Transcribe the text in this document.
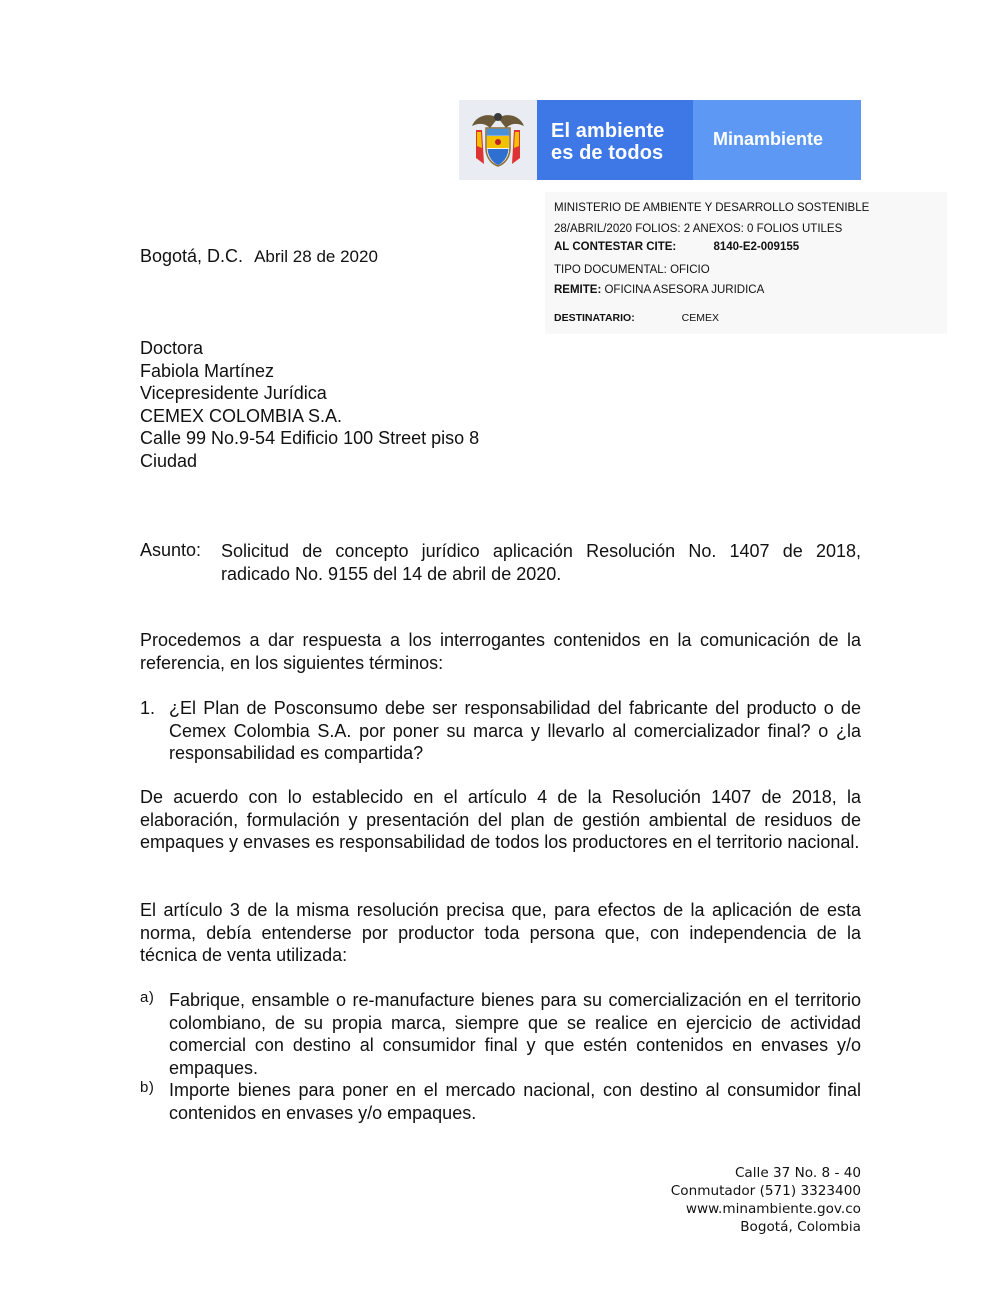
El ambiente
es de todos
Minambiente
MINISTERIO DE AMBIENTE Y DESARROLLO SOSTENIBLE
28/ABRIL/2020 FOLIOS: 2 ANEXOS: 0 FOLIOS UTILES
AL CONTESTAR CITE:	8140-E2-009155
TIPO DOCUMENTAL: OFICIO
REMITE: OFICINA ASESORA JURIDICA
DESTINATARIO:	CEMEX
Bogotá, D.C. Abril 28 de 2020
Doctora
Fabiola Martínez
Vicepresidente Jurídica
CEMEX COLOMBIA S.A.
Calle 99 No.9-54 Edificio 100 Street piso 8
Ciudad
Asunto: Solicitud de concepto jurídico aplicación Resolución No. 1407 de 2018, radicado No. 9155 del 14 de abril de 2020.
Procedemos a dar respuesta a los interrogantes contenidos en la comunicación de la referencia, en los siguientes términos:
1. ¿El Plan de Posconsumo debe ser responsabilidad del fabricante del producto o de Cemex Colombia S.A. por poner su marca y llevarlo al comercializador final? o ¿la responsabilidad es compartida?
De acuerdo con lo establecido en el artículo 4 de la Resolución 1407 de 2018, la elaboración, formulación y presentación del plan de gestión ambiental de residuos de empaques y envases es responsabilidad de todos los productores en el territorio nacional.
El artículo 3 de la misma resolución precisa que, para efectos de la aplicación de esta norma, debía entenderse por productor toda persona que, con independencia de la técnica de venta utilizada:
a) Fabrique, ensamble o re-manufacture bienes para su comercialización en el territorio colombiano, de su propia marca, siempre que se realice en ejercicio de actividad comercial con destino al consumidor final y que estén contenidos en envases y/o empaques.
b) Importe bienes para poner en el mercado nacional, con destino al consumidor final contenidos en envases y/o empaques.
Calle 37 No. 8 - 40
Conmutador (571) 3323400
www.minambiente.gov.co
Bogotá, Colombia
